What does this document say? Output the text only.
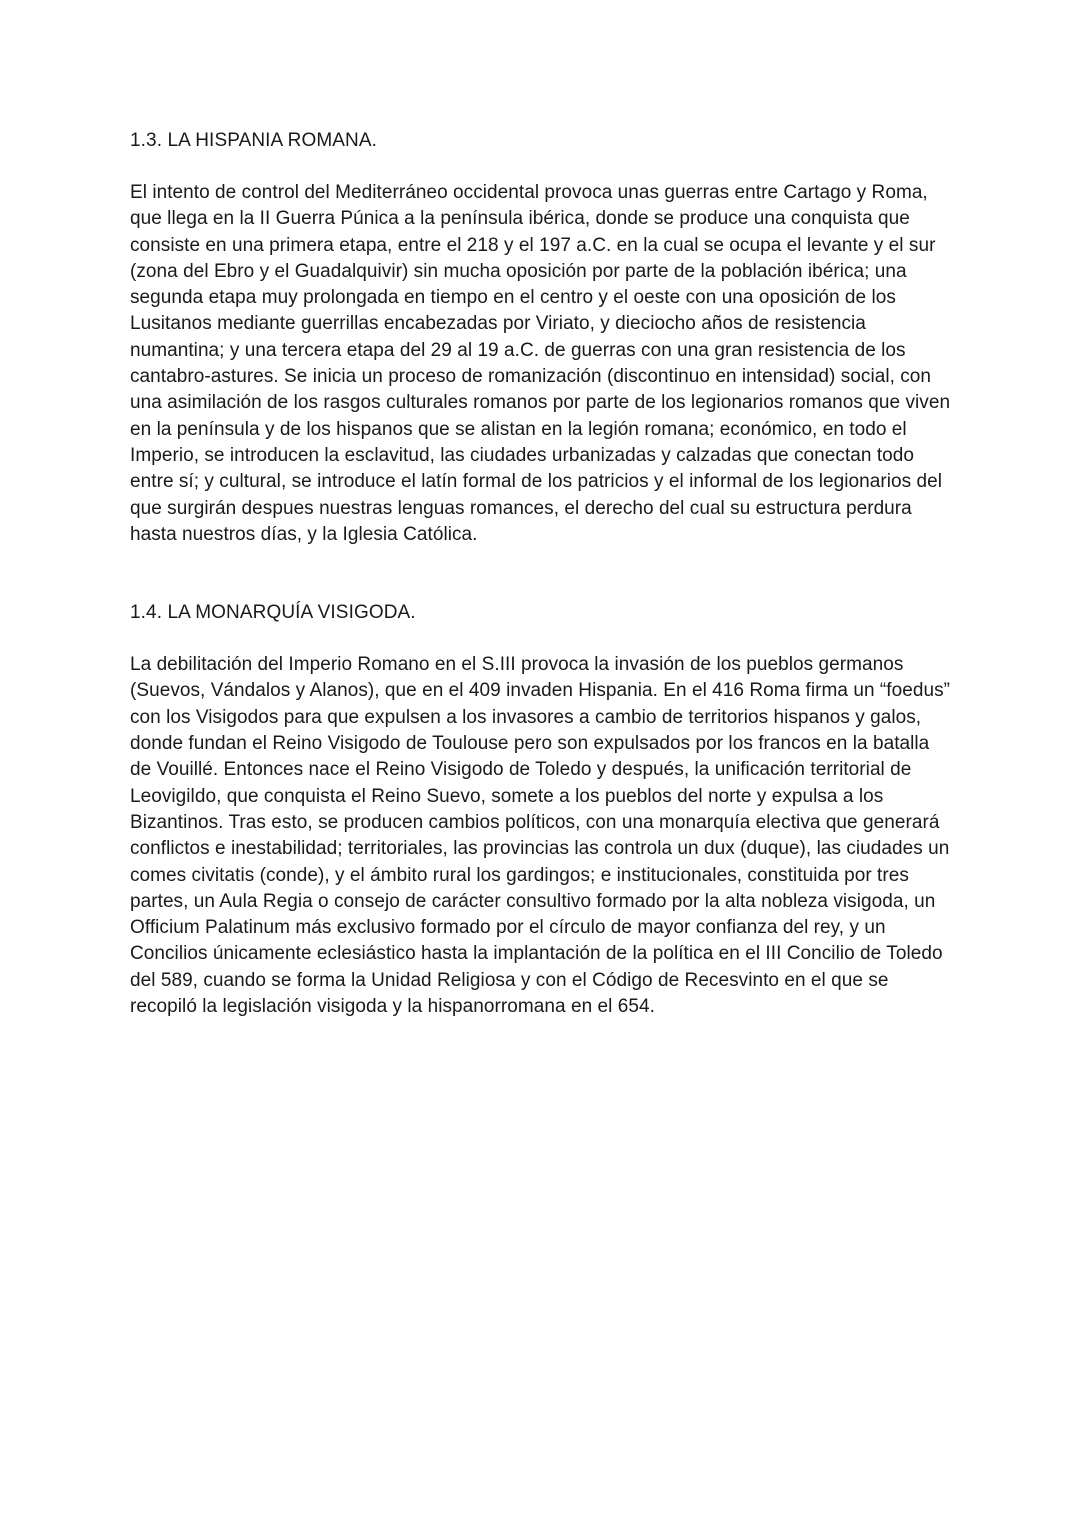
1.3. LA HISPANIA ROMANA.

El intento de control del Mediterráneo occidental provoca unas guerras entre Cartago y Roma, que llega en la II Guerra Púnica a la península ibérica, donde se produce una conquista que consiste en una primera etapa, entre el 218 y el 197 a.C. en la cual se ocupa el levante y el sur (zona del Ebro y el Guadalquivir) sin mucha oposición por parte de la población ibérica; una segunda etapa muy prolongada en tiempo en el centro y el oeste con una oposición de los Lusitanos mediante guerrillas encabezadas por Viriato, y dieciocho años de resistencia numantina; y una tercera etapa del 29 al 19 a.C. de guerras con una gran resistencia de los cantabro-astures. Se inicia un proceso de romanización (discontinuo en intensidad) social, con una asimilación de los rasgos culturales romanos por parte de los legionarios romanos que viven en la península y de los hispanos que se alistan en la legión romana; económico, en todo el Imperio, se introducen la esclavitud, las ciudades urbanizadas y calzadas que conectan todo entre sí; y cultural, se introduce el latín formal de los patricios y el informal de los legionarios del que surgirán despues nuestras lenguas romances, el derecho del cual su estructura perdura hasta nuestros días, y la Iglesia Católica.

1.4. LA MONARQUÍA VISIGODA.

La debilitación del Imperio Romano en el S.III provoca la invasión de los pueblos germanos (Suevos, Vándalos y Alanos), que en el 409 invaden Hispania. En el 416 Roma firma un “foedus” con los Visigodos para que expulsen a los invasores a cambio de territorios hispanos y galos, donde fundan el Reino Visigodo de Toulouse pero son expulsados por los francos en la batalla de Vouillé. Entonces nace el Reino Visigodo de Toledo y después, la unificación territorial de Leovigildo, que conquista el Reino Suevo, somete a los pueblos del norte y expulsa a los Bizantinos. Tras esto, se producen cambios políticos, con una monarquía electiva que generará conflictos e inestabilidad; territoriales, las provincias las controla un dux (duque), las ciudades un comes civitatis (conde), y el ámbito rural los gardingos; e institucionales, constituida por tres partes, un Aula Regia o consejo de carácter consultivo formado por la alta nobleza visigoda, un Officium Palatinum más exclusivo formado por el círculo de mayor confianza del rey, y un Concilios únicamente eclesiástico hasta la implantación de la política en el III Concilio de Toledo del 589, cuando se forma la Unidad Religiosa y con el Código de Recesvinto en el que se recopiló la legislación visigoda y la hispanorromana en el 654.
